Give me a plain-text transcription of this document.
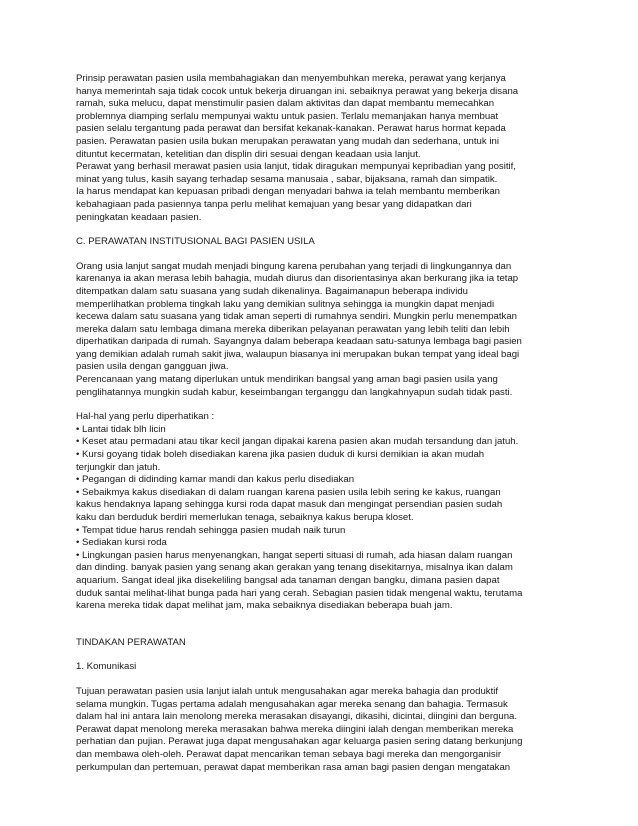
Prinsip perawatan pasien usila membahagiakan dan menyembuhkan mereka, perawat yang kerjanya
hanya memerintah saja tidak cocok untuk bekerja diruangan ini. sebaiknya perawat yang bekerja disana
ramah, suka melucu, dapat menstimulir pasien dalam aktivitas dan dapat membantu memecahkan
problemnya diamping serlalu mempunyai waktu untuk pasien. Terlalu memanjakan hanya membuat
pasien selalu tergantung pada perawat dan bersifat kekanak-kanakan. Perawat harus hormat kepada
pasien. Perawatan pasien usila bukan merupakan perawatan yang mudah dan sederhana, untuk ini
dituntut kecermatan, ketelitian dan displin diri sesuai dengan keadaan usia lanjut.
Perawat yang berhasil merawat pasien usia lanjut, tidak diragukan mempunyai kepribadian yang positif,
minat yang tulus, kasih sayang terhadap sesama manusaia , sabar, bijaksana, ramah dan simpatik.
Ia harus mendapat kan kepuasan pribadi dengan menyadari bahwa ia telah membantu memberikan
kebahagiaan pada pasiennya tanpa perlu melihat kemajuan yang besar yang didapatkan dari
peningkatan keadaan pasien.
C. PERAWATAN INSTITUSIONAL BAGI PASIEN USILA
Orang usia lanjut sangat mudah menjadi bingung karena perubahan yang terjadi di lingkungannya dan
karenanya ia akan merasa lebih bahagia, mudah diurus dan disorientasinya akan berkurang jika ia tetap
ditempatkan dalam satu suasana yang sudah dikenalinya. Bagaimanapun beberapa individu
memperlihatkan problema tingkah laku yang demikian sulitnya sehingga ia mungkin dapat menjadi
kecewa dalam satu suasana yang tidak aman seperti di rumahnya sendiri. Mungkin perlu menempatkan
mereka dalam satu lembaga dimana mereka diberikan pelayanan perawatan yang lebih teliti dan lebih
diperhatikan daripada di rumah. Sayangnya dalam beberapa keadaan satu-satunya lembaga bagi pasien
yang demikian adalah rumah sakit jiwa, walaupun biasanya ini merupakan bukan tempat yang ideal bagi
pasien usila dengan gangguan jiwa.
Perencanaan yang matang diperlukan untuk mendirikan bangsal yang aman bagi pasien usila yang
penglihatannya mungkin sudah kabur, keseimbangan terganggu dan langkahnyapun sudah tidak pasti.
Hal-hal yang perlu diperhatikan :
• Lantai tidak blh licin
• Keset atau permadani atau tikar kecil jangan dipakai karena pasien akan mudah tersandung dan jatuh.
• Kursi goyang tidak boleh disediakan karena jika pasien duduk di kursi demikian ia akan mudah
terjungkir dan jatuh.
• Pegangan di didinding kamar mandi dan kakus perlu disediakan
• Sebaikmya kakus disediakan di dalam ruangan karena pasien usila lebih sering ke kakus, ruangan
kakus hendaknya lapang sehingga kursi roda dapat masuk dan mengingat persendian pasien sudah
kaku dan berduduk berdiri memerlukan tenaga, sebaiknya kakus berupa kloset.
• Tempat tidue harus rendah sehingga pasien mudah naik turun
• Sediakan kursi roda
• Lingkungan pasien harus menyenangkan, hangat seperti situasi di rumah, ada hiasan dalam ruangan
dan dinding. banyak pasien yang senang akan gerakan yang tenang disekitarnya, misalnya ikan dalam
aquarium. Sangat ideal jika disekeliling bangsal ada tanaman dengan bangku, dimana pasien dapat
duduk santai melihat-lihat bunga pada hari yang cerah. Sebagian pasien tidak mengenal waktu, terutama
karena mereka tidak dapat melihat jam, maka sebaiknya disediakan beberapa buah jam.
TINDAKAN PERAWATAN
1. Komunikasi
Tujuan perawatan pasien usia lanjut ialah untuk mengusahakan agar mereka bahagia dan produktif
selama mungkin. Tugas pertama adalah mengusahakan agar mereka senang dan bahagia. Termasuk
dalam hal ini antara lain menolong mereka merasakan disayangi, dikasihi, dicintai, diingini dan berguna.
Perawat dapat menolong mereka merasakan bahwa mereka diingini ialah dengan memberikan mereka
perhatian dan pujian. Perawat juga dapat mengusahakan agar keluarga pasien sering datang berkunjung
dan membawa oleh-oleh. Perawat dapat mencarikan teman sebaya bagi mereka dan mengorganisir
perkumpulan dan pertemuan, perawat dapat memberikan rasa aman bagi pasien dengan mengatakan
